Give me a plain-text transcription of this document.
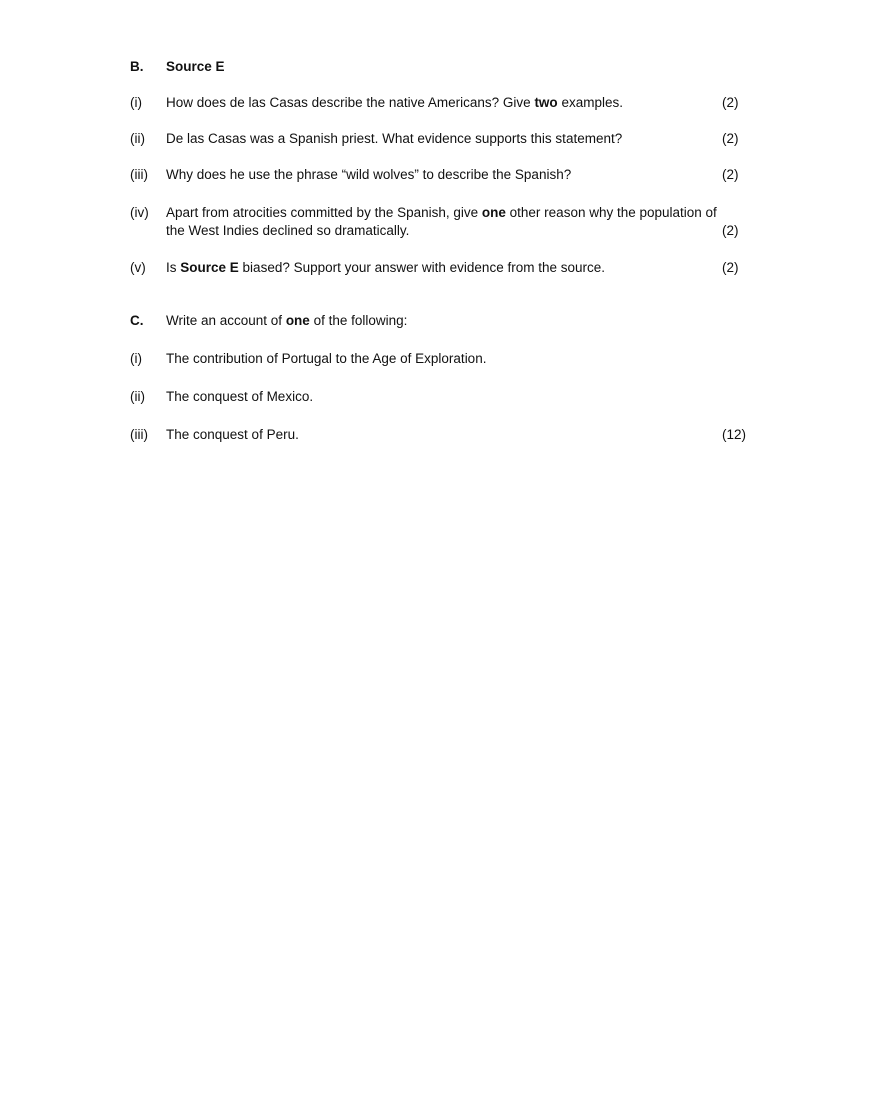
B.	Source E
(i)	How does de las Casas describe the native Americans? Give two examples.	(2)
(ii)	De las Casas was a Spanish priest. What evidence supports this statement?	(2)
(iii)	Why does he use the phrase “wild wolves” to describe the Spanish?	(2)
(iv)	Apart from atrocities committed by the Spanish, give one other reason why the population of
the West Indies declined so dramatically.	(2)
(v)	Is Source E biased? Support your answer with evidence from the source.	(2)
C.	Write an account of one of the following:
(i)	The contribution of Portugal to the Age of Exploration.
(ii)	The conquest of Mexico.
(iii)	The conquest of Peru.	(12)
